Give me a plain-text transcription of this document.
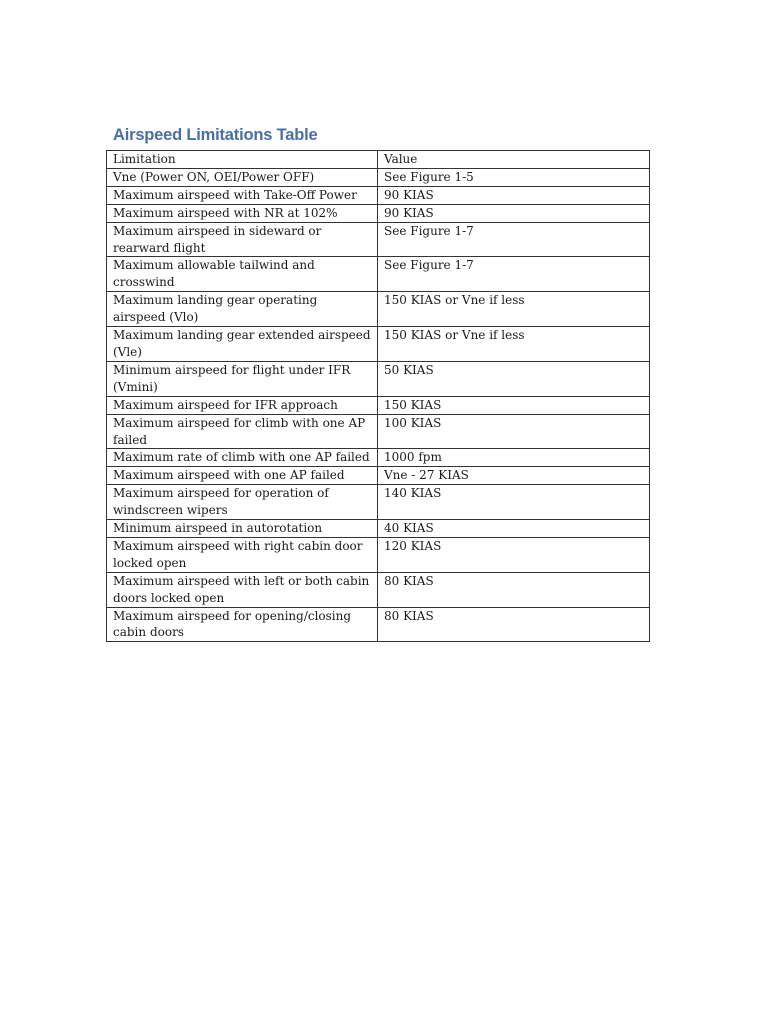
Airspeed Limitations Table
Limitation	Value
Vne (Power ON, OEI/Power OFF)	See Figure 1-5
Maximum airspeed with Take-Off Power	90 KIAS
Maximum airspeed with NR at 102%	90 KIAS
Maximum airspeed in sideward or rearward flight	See Figure 1-7
Maximum allowable tailwind and crosswind	See Figure 1-7
Maximum landing gear operating airspeed (Vlo)	150 KIAS or Vne if less
Maximum landing gear extended airspeed (Vle)	150 KIAS or Vne if less
Minimum airspeed for flight under IFR (Vmini)	50 KIAS
Maximum airspeed for IFR approach	150 KIAS
Maximum airspeed for climb with one AP failed	100 KIAS
Maximum rate of climb with one AP failed	1000 fpm
Maximum airspeed with one AP failed	Vne - 27 KIAS
Maximum airspeed for operation of windscreen wipers	140 KIAS
Minimum airspeed in autorotation	40 KIAS
Maximum airspeed with right cabin door locked open	120 KIAS
Maximum airspeed with left or both cabin doors locked open	80 KIAS
Maximum airspeed for opening/closing cabin doors	80 KIAS
